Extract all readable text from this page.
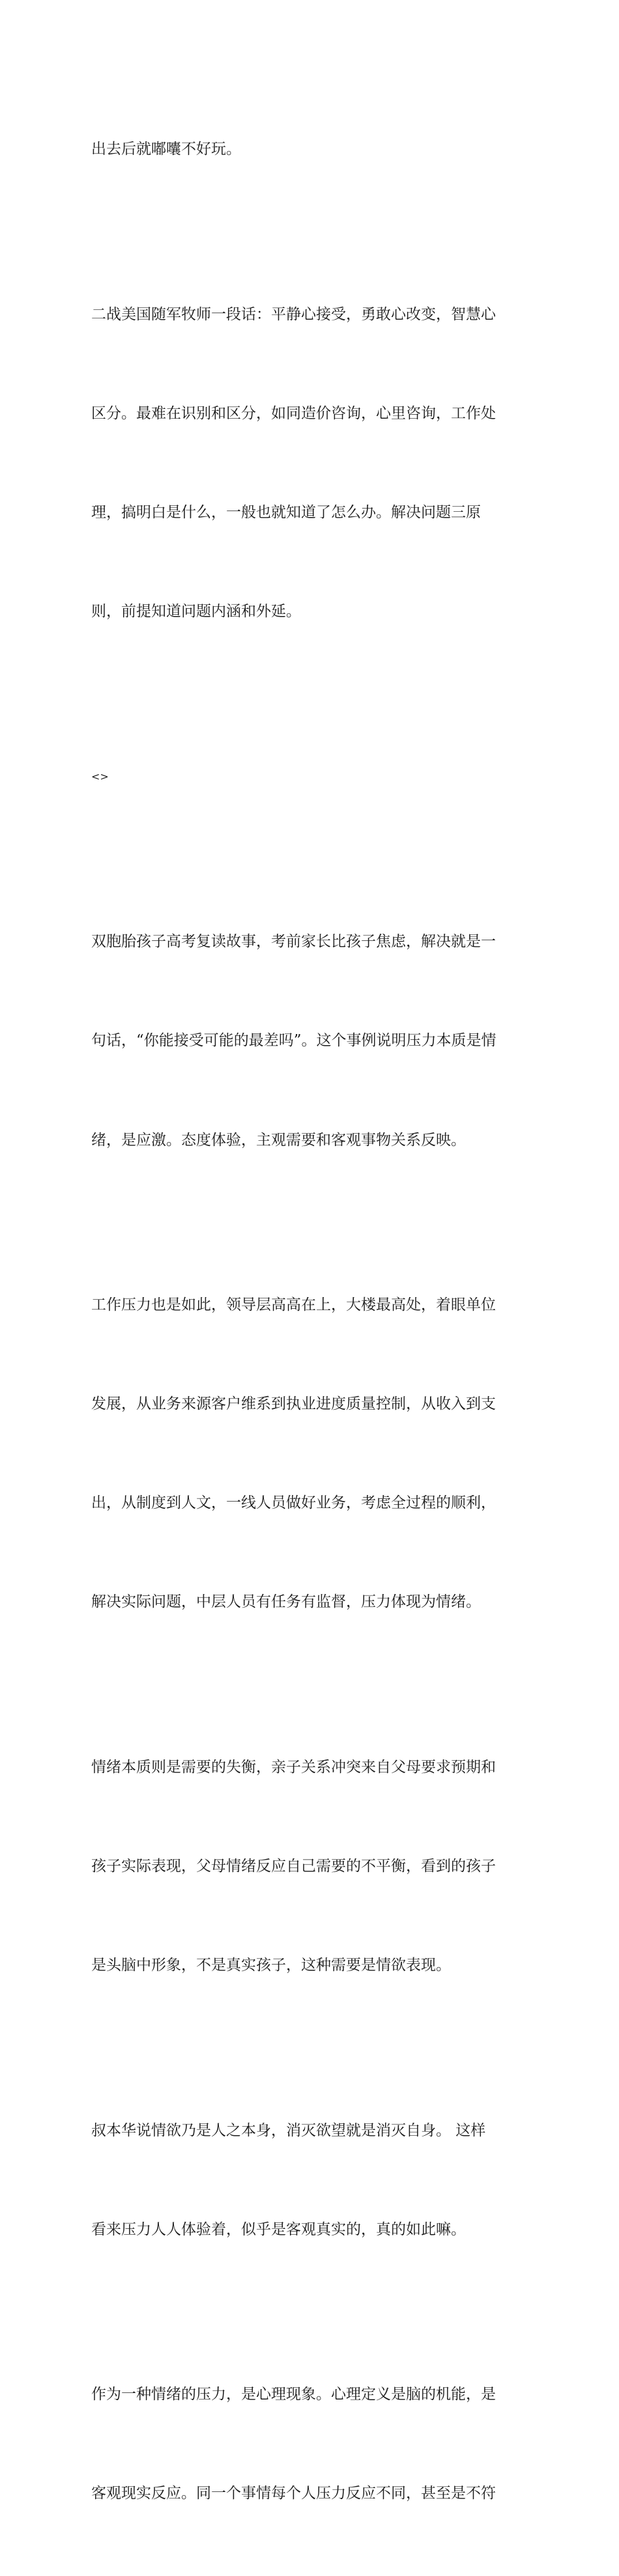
出去后就嘟囔不好玩。

二战美国随军牧师一段话：平静心接受，勇敢心改变，智慧心

区分。最难在识别和区分，如同造价咨询，心里咨询，工作处

理，搞明白是什么，一般也就知道了怎么办。解决问题三原

则，前提知道问题内涵和外延。

<>

双胞胎孩子高考复读故事，考前家长比孩子焦虑，解决就是一

句话，“你能接受可能的最差吗”。这个事例说明压力本质是情

绪，是应激。态度体验，主观需要和客观事物关系反映。

工作压力也是如此，领导层高高在上，大楼最高处，着眼单位

发展，从业务来源客户维系到执业进度质量控制，从收入到支

出，从制度到人文，一线人员做好业务，考虑全过程的顺利，

解决实际问题，中层人员有任务有监督，压力体现为情绪。

情绪本质则是需要的失衡，亲子关系冲突来自父母要求预期和

孩子实际表现，父母情绪反应自己需要的不平衡，看到的孩子

是头脑中形象，不是真实孩子，这种需要是情欲表现。

叔本华说情欲乃是人之本身，消灭欲望就是消灭自身。 这样

看来压力人人体验着，似乎是客观真实的，真的如此嘛。

作为一种情绪的压力，是心理现象。心理定义是脑的机能，是

客观现实反应。同一个事情每个人压力反应不同，甚至是不符
